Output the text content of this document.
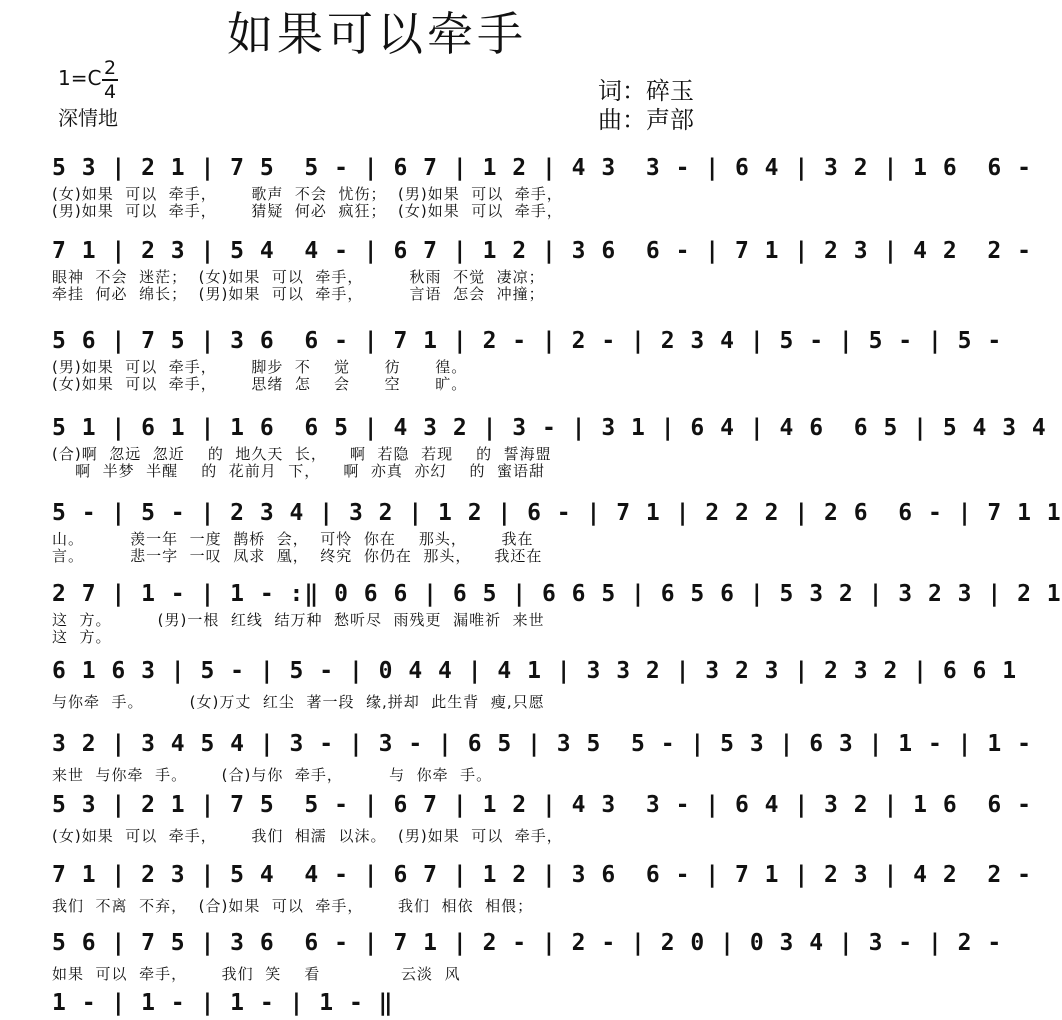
如果可以牵手
1=C 2
4
深情地
词：碎玉
曲：声部
5 3 | 2 1 | 7 5  5 - | 6 7 | 1 2 | 4 3  3 - | 6 4 | 3 2 | 1 6  6 -
(女)如果  可以  牵手，      歌声  不会  忧伤；  (男)如果  可以  牵手，
(男)如果  可以  牵手，      猜疑  何必  疯狂；  (女)如果  可以  牵手，
7 1 | 2 3 | 5 4  4 - | 6 7 | 1 2 | 3 6  6 - | 7 1 | 2 3 | 4 2  2 -
眼神  不会  迷茫；  (女)如果  可以  牵手，        秋雨  不觉  凄凉；
牵挂  何必  绵长；  (男)如果  可以  牵手，        言语  怎会  冲撞；
5 6 | 7 5 | 3 6  6 - | 7 1 | 2 - | 2 - | 2 3 4 | 5 - | 5 - | 5 -
(男)如果  可以  牵手，      脚步  不    觉      彷      徨。
(女)如果  可以  牵手，      思绪  怎    会      空      旷。
5 1 | 6 1 | 1 6  6 5 | 4 3 2 | 3 - | 3 1 | 6 4 | 4 6  6 5 | 5 4 3 4
(合)啊  忽远  忽近    的  地久天  长，    啊  若隐  若现    的  誓海盟
啊  半梦  半醒    的  花前月  下，    啊  亦真  亦幻    的  蜜语甜
5 - | 5 - | 2 3 4 | 3 2 | 1 2 | 6 - | 7 1 | 2 2 2 | 2 6  6 - | 7 1 1
山。        羡一年  一度  鹊桥  会，  可怜  你在    那头，      我在
言。        悲一字  一叹  凤求  凰，  终究  你仍在  那头，    我还在
2 7 | 1 - | 1 - :‖ 0 6 6 | 6 5 | 6 6 5 | 6 5 6 | 5 3 2 | 3 2 3 | 2 1
这  方。        (男)一根  红线  结万种  愁听尽  雨残更  漏唯祈  来世
这  方。
6 1 6 3 | 5 - | 5 - | 0 4 4 | 4 1 | 3 3 2 | 3 2 3 | 2 3 2 | 6 6 1
与你牵  手。        (女)万丈  红尘  著一段  缘,拼却  此生背  瘦,只愿
3 2 | 3 4 5 4 | 3 - | 3 - | 6 5 | 3 5  5 - | 5 3 | 6 3 | 1 - | 1 -
来世  与你牵  手。      (合)与你  牵手，        与  你牵  手。
5 3 | 2 1 | 7 5  5 - | 6 7 | 1 2 | 4 3  3 - | 6 4 | 3 2 | 1 6  6 -
(女)如果  可以  牵手，      我们  相濡  以沫。  (男)如果  可以  牵手，
7 1 | 2 3 | 5 4  4 - | 6 7 | 1 2 | 3 6  6 - | 7 1 | 2 3 | 4 2  2 -
我们  不离  不弃，  (合)如果  可以  牵手，      我们  相依  相偎；
5 6 | 7 5 | 3 6  6 - | 7 1 | 2 - | 2 - | 2 0 | 0 3 4 | 3 - | 2 -
如果  可以  牵手，      我们  笑    看              云淡  风
1 - | 1 - | 1 - | 1 - ‖
